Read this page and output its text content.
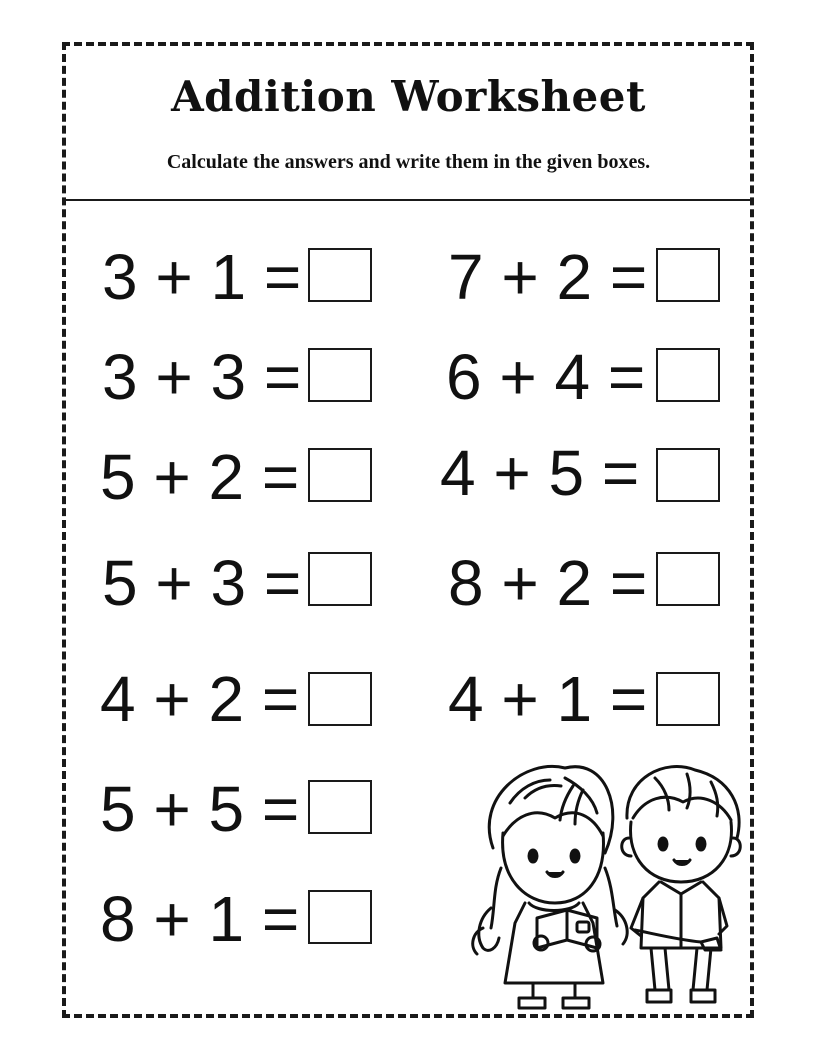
Addition Worksheet

Calculate the answers and write them in the given boxes.

3 + 1 =
3 + 3 =
5 + 2 =
5 + 3 =
4 + 2 =
5 + 5 =
8 + 1 =
7 + 2 =
6 + 4 =
4 + 5 =
8 + 2 =
4 + 1 =
